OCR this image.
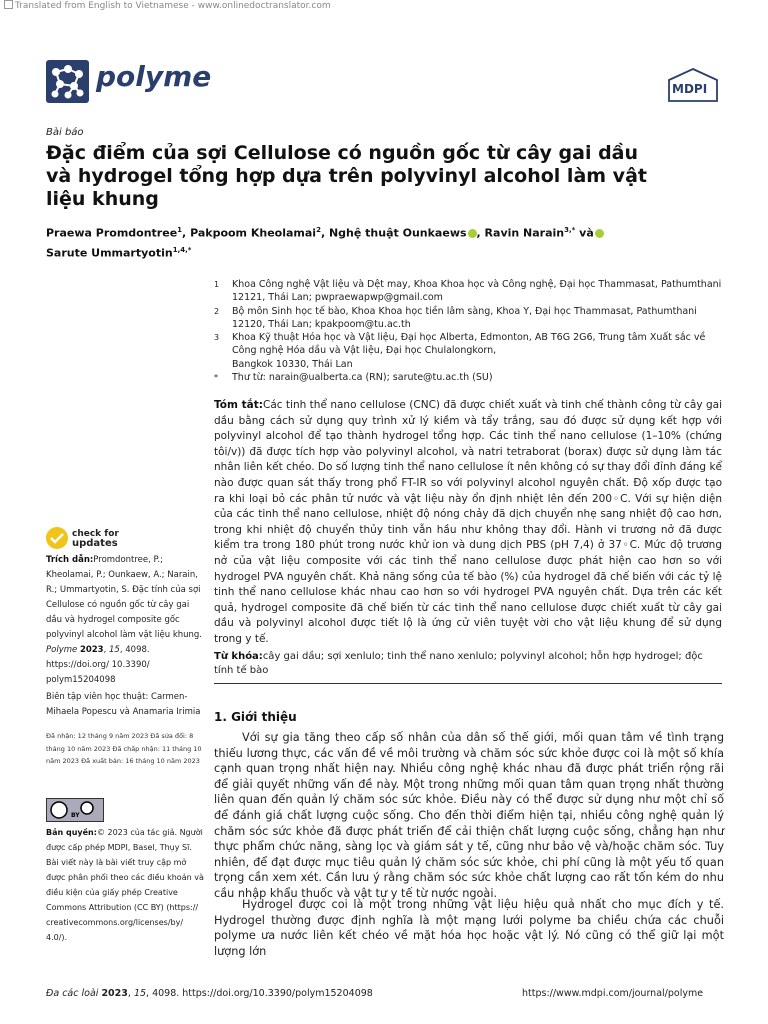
Translated from English to Vietnamese - www.onlinedoctranslator.com
polyme	MDPI
Bài báo
Đặc điểm của sợi Cellulose có nguồn gốc từ cây gai dầu và hydrogel tổng hợp dựa trên polyvinyl alcohol làm vật liệu khung
Praewa Promdontree$^1$, Pakpoom Kheolamai$^2$, Nghệ thuật Ounkaews , Ravin Narain$^{3,*}$ và
Sarute Ummartyotin$^{1,4,*}$
1 Khoa Công nghệ Vật liệu và Dệt may, Khoa Khoa học và Công nghệ, Đại học Thammasat, Pathumthani 12121, Thái Lan; pwpraewapwp@gmail.com
2 Bộ môn Sinh học tế bào, Khoa Khoa học tiền lâm sàng, Khoa Y, Đại học Thammasat, Pathumthani 12120, Thái Lan; kpakpoom@tu.ac.th
3 Khoa Kỹ thuật Hóa học và Vật liệu, Đại học Alberta, Edmonton, AB T6G 2G6, Trung tâm Xuất sắc về Công nghệ Hóa dầu và Vật liệu, Đại học Chulalongkorn,
Bangkok 10330, Thái Lan
* Thư từ: narain@ualberta.ca (RN); sarute@tu.ac.th (SU)
Tóm tắt:Các tinh thể nano cellulose (CNC) đã được chiết xuất và tinh chế thành công từ cây gai dầu bằng cách sử dụng quy trình xử lý kiềm và tẩy trắng, sau đó được sử dụng kết hợp với polyvinyl alcohol để tạo thành hydrogel tổng hợp. Các tinh thể nano cellulose (1–10% (chứng tôi/v)) đã được tích hợp vào polyvinyl alcohol, và natri tetraborat (borax) được sử dụng làm tác nhân liên kết chéo. Do số lượng tinh thể nano cellulose ít nên không có sự thay đổi đỉnh đáng kể nào được quan sát thấy trong phổ FT-IR so với polyvinyl alcohol nguyên chất. Độ xốp được tạo ra khi loại bỏ các phân tử nước và vật liệu này ổn định nhiệt lên đến 200◦C. Với sự hiện diện của các tinh thể nano cellulose, nhiệt độ nóng chảy đã dịch chuyển nhẹ sang nhiệt độ cao hơn, trong khi nhiệt độ chuyển thủy tinh vẫn hầu như không thay đổi. Hành vi trương nở đã được kiểm tra trong 180 phút trong nước khử ion và dung dịch PBS (pH 7,4) ở 37◦C. Mức độ trương nở của vật liệu composite với các tinh thể nano cellulose được phát hiện cao hơn so với hydrogel PVA nguyên chất. Khả năng sống của tế bào (%) của hydrogel đã chế biến với các tỷ lệ tinh thể nano cellulose khác nhau cao hơn so với hydrogel PVA nguyên chất. Dựa trên các kết quả, hydrogel composite đã chế biến từ các tinh thể nano cellulose được chiết xuất từ cây gai dầu và polyvinyl alcohol được tiết lộ là ứng cử viên tuyệt vời cho vật liệu khung để sử dụng trong y tế.
Từ khóa:cây gai dầu; sợi xenlulo; tinh thể nano xenlulo; polyvinyl alcohol; hỗn hợp hydrogel; độc tính tế bào
1. Giới thiệu
Với sự gia tăng theo cấp số nhân của dân số thế giới, mối quan tâm về tình trạng thiếu lương thực, các vấn đề về môi trường và chăm sóc sức khỏe được coi là một số khía cạnh quan trọng nhất hiện nay. Nhiều công nghệ khác nhau đã được phát triển rộng rãi để giải quyết những vấn đề này. Một trong những mối quan tâm quan trọng nhất thường liên quan đến quản lý chăm sóc sức khỏe. Điều này có thể được sử dụng như một chỉ số để đánh giá chất lượng cuộc sống. Cho đến thời điểm hiện tại, nhiều công nghệ quản lý chăm sóc sức khỏe đã được phát triển để cải thiện chất lượng cuộc sống, chẳng hạn như thực phẩm chức năng, sàng lọc và giám sát y tế, cũng như bảo vệ và/hoặc chăm sóc. Tuy nhiên, để đạt được mục tiêu quản lý chăm sóc sức khỏe, chi phí cũng là một yếu tố quan trọng cần xem xét. Cần lưu ý rằng chăm sóc sức khỏe chất lượng cao rất tốn kém do nhu cầu nhập khẩu thuốc và vật tư y tế từ nước ngoài.
Hydrogel được coi là một trong những vật liệu hiệu quả nhất cho mục đích y tế. Hydrogel thường được định nghĩa là một mạng lưới polyme ba chiều chứa các chuỗi polyme ưa nước liên kết chéo về mặt hóa học hoặc vật lý. Nó cũng có thể giữ lại một lượng lớn
check for
updates
Trích dẫn:Promdontree, P.; Kheolamai, P.; Ounkaew, A.; Narain, R.; Ummartyotin, S. Đặc tính của sợi Cellulose có nguồn gốc từ cây gai dầu và hydrogel composite gốc polyvinyl alcohol làm vật liệu khung. Polyme 2023, 15, 4098. https://doi.org/ 10.3390/ polym15204098
Biên tập viên học thuật: Carmen-Mihaela Popescu và Anamaria Irimia
Đã nhận: 12 tháng 9 năm 2023 Đã sửa đổi: 8 tháng 10 năm 2023 Đã chấp nhận: 11 tháng 10 năm 2023 Đã xuất bản: 16 tháng 10 năm 2023
BY
Bản quyền:© 2023 của tác giả. Người được cấp phép MDPI, Basel, Thụy Sĩ. Bài viết này là bài viết truy cập mở được phân phối theo các điều khoản và điều kiện của giấy phép Creative Commons Attribution (CC BY) (https:// creativecommons.org/licenses/by/ 4.0/).
Đa các loài 2023, 15, 4098. https://doi.org/10.3390/polym15204098	https://www.mdpi.com/journal/polyme
